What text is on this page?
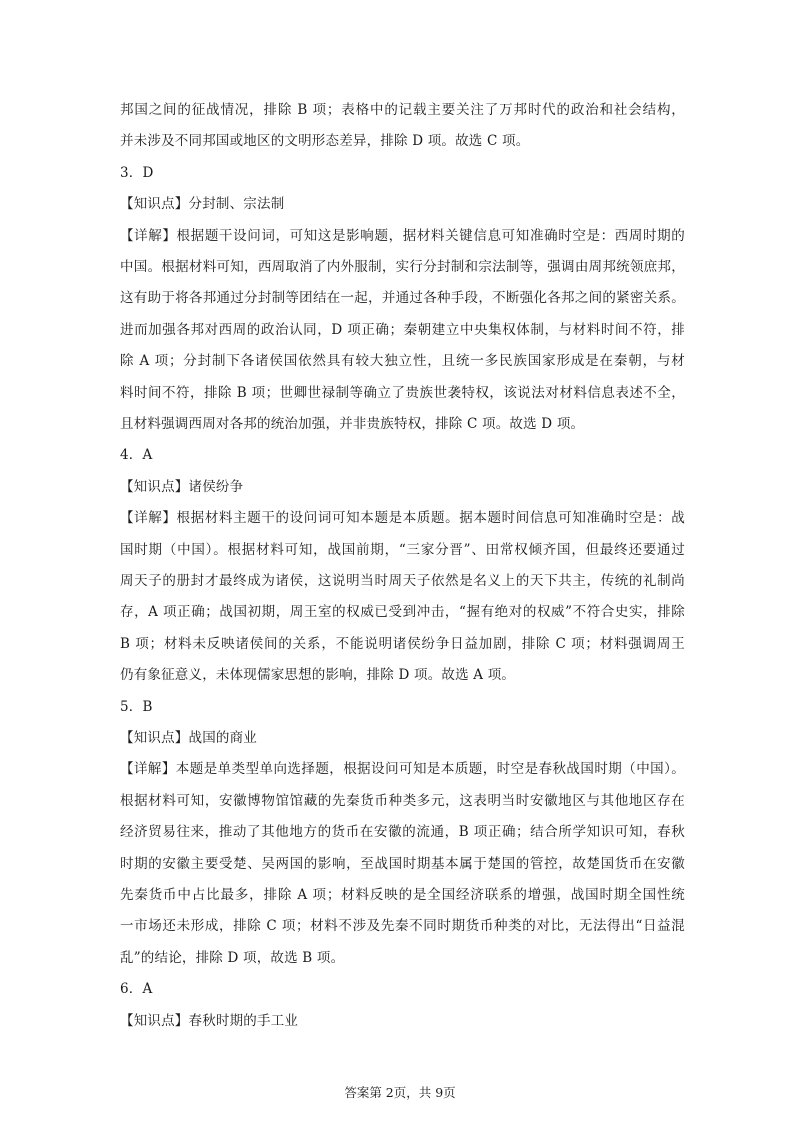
邦国之间的征战情况，排除 B 项；表格中的记载主要关注了万邦时代的政治和社会结构，
并未涉及不同邦国或地区的文明形态差异，排除 D 项。故选 C 项。
3．D
【知识点】分封制、宗法制
【详解】根据题干设问词，可知这是影响题，据材料关键信息可知准确时空是：西周时期的
中国。根据材料可知，西周取消了内外服制，实行分封制和宗法制等，强调由周邦统领庶邦，
这有助于将各邦通过分封制等团结在一起，并通过各种手段，不断强化各邦之间的紧密关系。
进而加强各邦对西周的政治认同，D 项正确；秦朝建立中央集权体制，与材料时间不符，排
除 A 项；分封制下各诸侯国依然具有较大独立性，且统一多民族国家形成是在秦朝，与材
料时间不符，排除 B 项；世卿世禄制等确立了贵族世袭特权，该说法对材料信息表述不全，
且材料强调西周对各邦的统治加强，并非贵族特权，排除 C 项。故选 D 项。
4．A
【知识点】诸侯纷争
【详解】根据材料主题干的设问词可知本题是本质题。据本题时间信息可知准确时空是：战
国时期（中国）。根据材料可知，战国前期，“三家分晋”、田常权倾齐国，但最终还要通过
周天子的册封才最终成为诸侯，这说明当时周天子依然是名义上的天下共主，传统的礼制尚
存，A 项正确；战国初期，周王室的权威已受到冲击，“握有绝对的权威”不符合史实，排除
B 项；材料未反映诸侯间的关系，不能说明诸侯纷争日益加剧，排除 C 项；材料强调周王
仍有象征意义，未体现儒家思想的影响，排除 D 项。故选 A 项。
5．B
【知识点】战国的商业
【详解】本题是单类型单向选择题，根据设问可知是本质题，时空是春秋战国时期（中国）。
根据材料可知，安徽博物馆馆藏的先秦货币种类多元，这表明当时安徽地区与其他地区存在
经济贸易往来，推动了其他地方的货币在安徽的流通，B 项正确；结合所学知识可知，春秋
时期的安徽主要受楚、吴两国的影响，至战国时期基本属于楚国的管控，故楚国货币在安徽
先秦货币中占比最多，排除 A 项；材料反映的是全国经济联系的增强，战国时期全国性统
一市场还未形成，排除 C 项；材料不涉及先秦不同时期货币种类的对比，无法得出“日益混
乱”的结论，排除 D 项，故选 B 项。
6．A
【知识点】春秋时期的手工业
答案第 2页，共 9页
